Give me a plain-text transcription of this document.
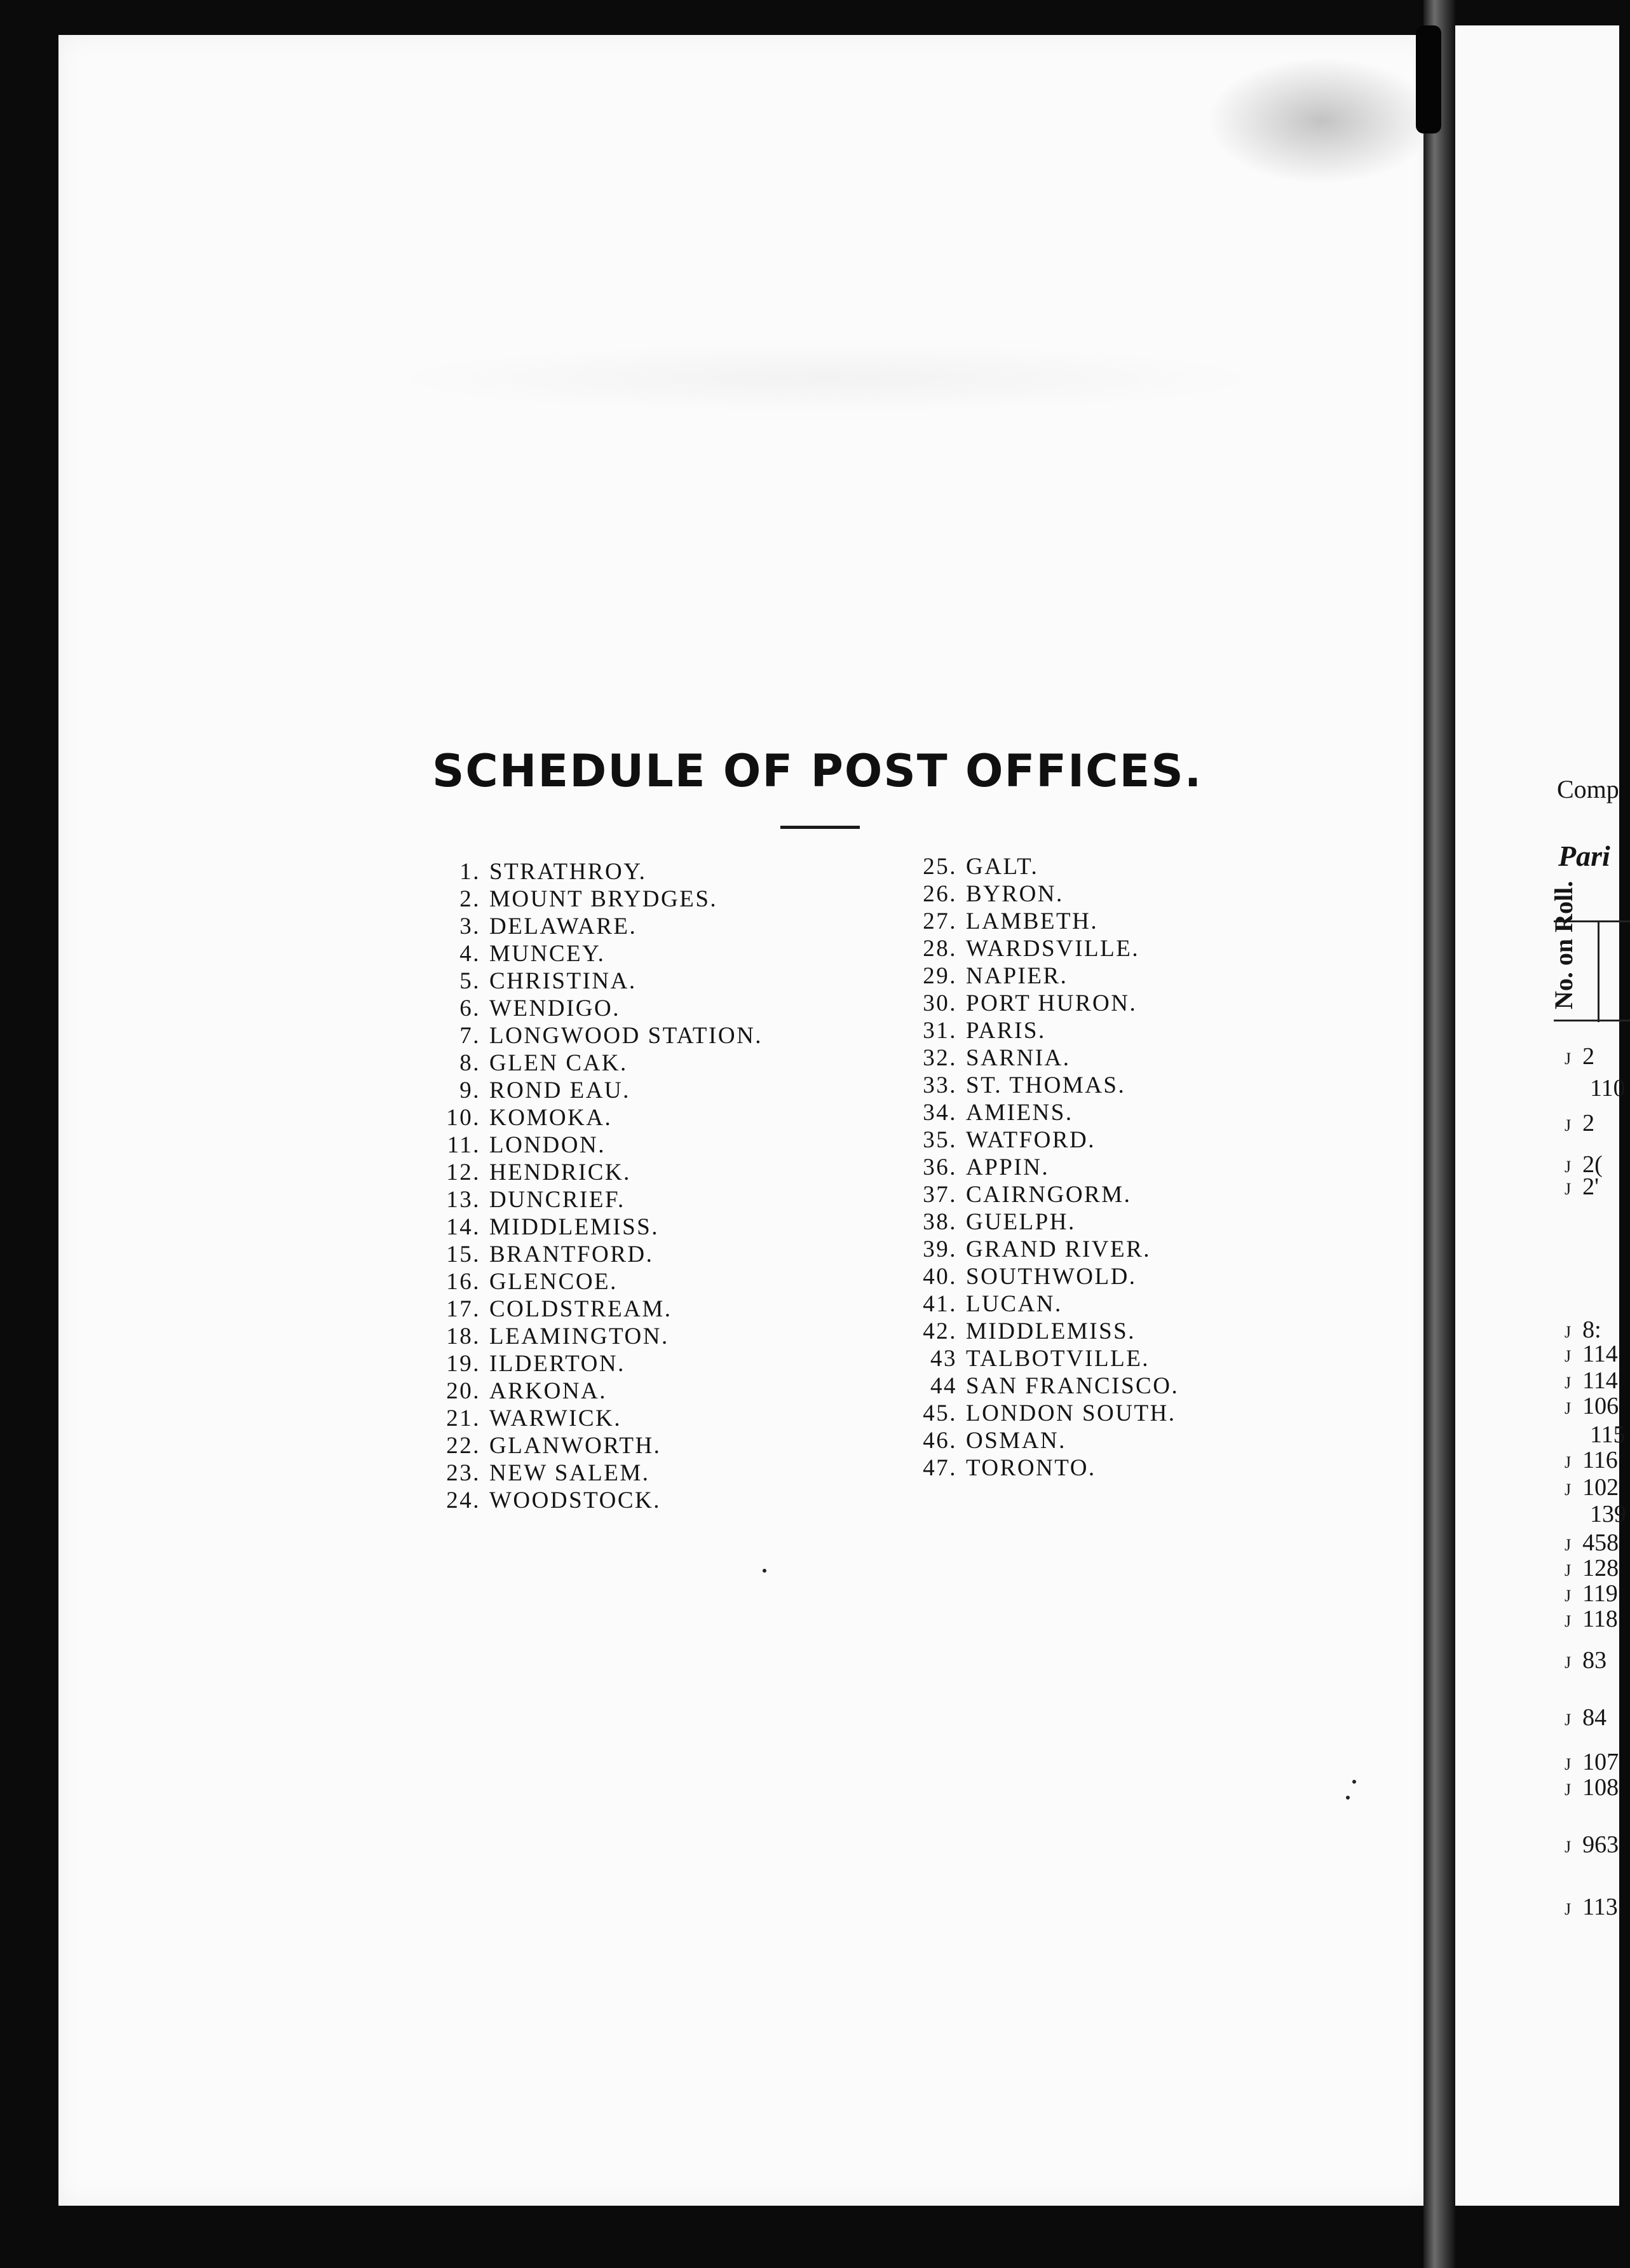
Comp
Pari
No. on Roll.
J 2
110
J 2
J 2(
J 2'
J 8:
J 114
J 114
J 106
115
J 116
J 102
139
J 458
J 128
J 119
J 118
J 83
J 84
J 107
J 108
J 963
J 113
SCHEDULE OF POST OFFICES.
1. STRATHROY.
2. MOUNT BRYDGES.
3. DELAWARE.
4. MUNCEY.
5. CHRISTINA.
6. WENDIGO.
7. LONGWOOD STATION.
8. GLEN CAK.
9. ROND EAU.
10. KOMOKA.
11. LONDON.
12. HENDRICK.
13. DUNCRIEF.
14. MIDDLEMISS.
15. BRANTFORD.
16. GLENCOE.
17. COLDSTREAM.
18. LEAMINGTON.
19. ILDERTON.
20. ARKONA.
21. WARWICK.
22. GLANWORTH.
23. NEW SALEM.
24. WOODSTOCK.
25. GALT.
26. BYRON.
27. LAMBETH.
28. WARDSVILLE.
29. NAPIER.
30. PORT HURON.
31. PARIS.
32. SARNIA.
33. ST. THOMAS.
34. AMIENS.
35. WATFORD.
36. APPIN.
37. CAIRNGORM.
38. GUELPH.
39. GRAND RIVER.
40. SOUTHWOLD.
41. LUCAN.
42. MIDDLEMISS.
43 TALBOTVILLE.
44 SAN FRANCISCO.
45. LONDON SOUTH.
46. OSMAN.
47. TORONTO.
